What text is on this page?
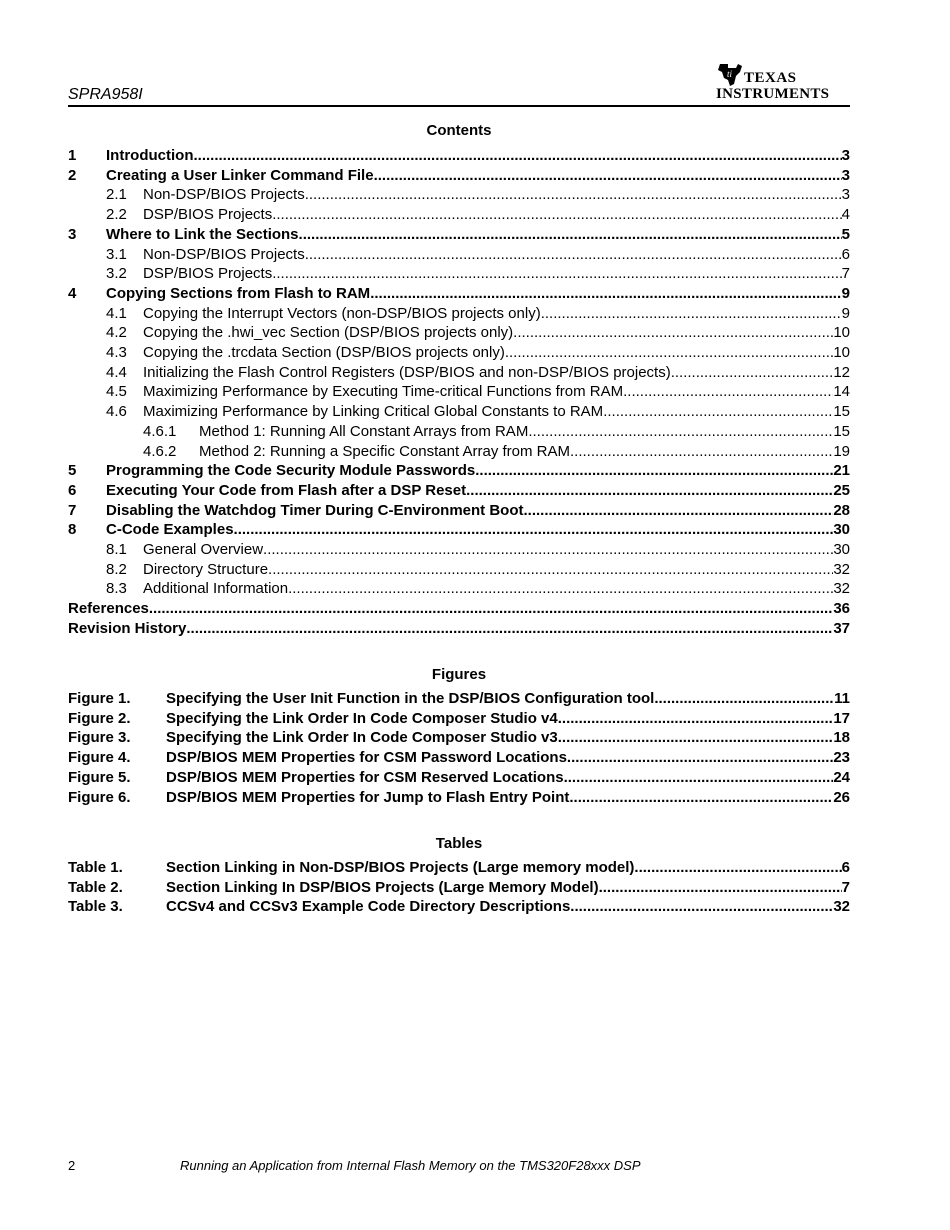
SPRA958I
ti TEXAS
INSTRUMENTS
Contents
1	Introduction .....	3
2	Creating a User Linker Command File .....	3
2.1	Non-DSP/BIOS Projects .....	3
2.2	DSP/BIOS Projects .....	4
3	Where to Link the Sections .....	5
3.1	Non-DSP/BIOS Projects .....	6
3.2	DSP/BIOS Projects .....	7
4	Copying Sections from Flash to RAM .....	9
4.1	Copying the Interrupt Vectors (non-DSP/BIOS projects only) .....	9
4.2	Copying the .hwi_vec Section (DSP/BIOS projects only) .....	10
4.3	Copying the .trcdata Section (DSP/BIOS projects only) .....	10
4.4	Initializing the Flash Control Registers (DSP/BIOS and non-DSP/BIOS projects) .....	12
4.5	Maximizing Performance by Executing Time-critical Functions from RAM .....	14
4.6	Maximizing Performance by Linking Critical Global Constants to RAM .....	15
4.6.1	Method 1: Running All Constant Arrays from RAM .....	15
4.6.2	Method 2: Running a Specific Constant Array from RAM .....	19
5	Programming the Code Security Module Passwords .....	21
6	Executing Your Code from Flash after a DSP Reset .....	25
7	Disabling the Watchdog Timer During C-Environment Boot .....	28
8	C-Code Examples .....	30
8.1	General Overview .....	30
8.2	Directory Structure .....	32
8.3	Additional Information .....	32
References .....	36
Revision History .....	37
Figures
Figure 1.	Specifying the User Init Function in the DSP/BIOS Configuration tool .....	11
Figure 2.	Specifying the Link Order In Code Composer Studio v4 .....	17
Figure 3.	Specifying the Link Order In Code Composer Studio v3 .....	18
Figure 4.	DSP/BIOS MEM Properties for CSM Password Locations .....	23
Figure 5.	DSP/BIOS MEM Properties for CSM Reserved Locations .....	24
Figure 6.	DSP/BIOS MEM Properties for Jump to Flash Entry Point .....	26
Tables
Table 1.	Section Linking in Non-DSP/BIOS Projects (Large memory model) .....	6
Table 2.	Section Linking In DSP/BIOS Projects (Large Memory Model) .....	7
Table 3.	CCSv4 and CCSv3 Example Code Directory Descriptions .....	32
2	Running an Application from Internal Flash Memory on the TMS320F28xxx DSP
